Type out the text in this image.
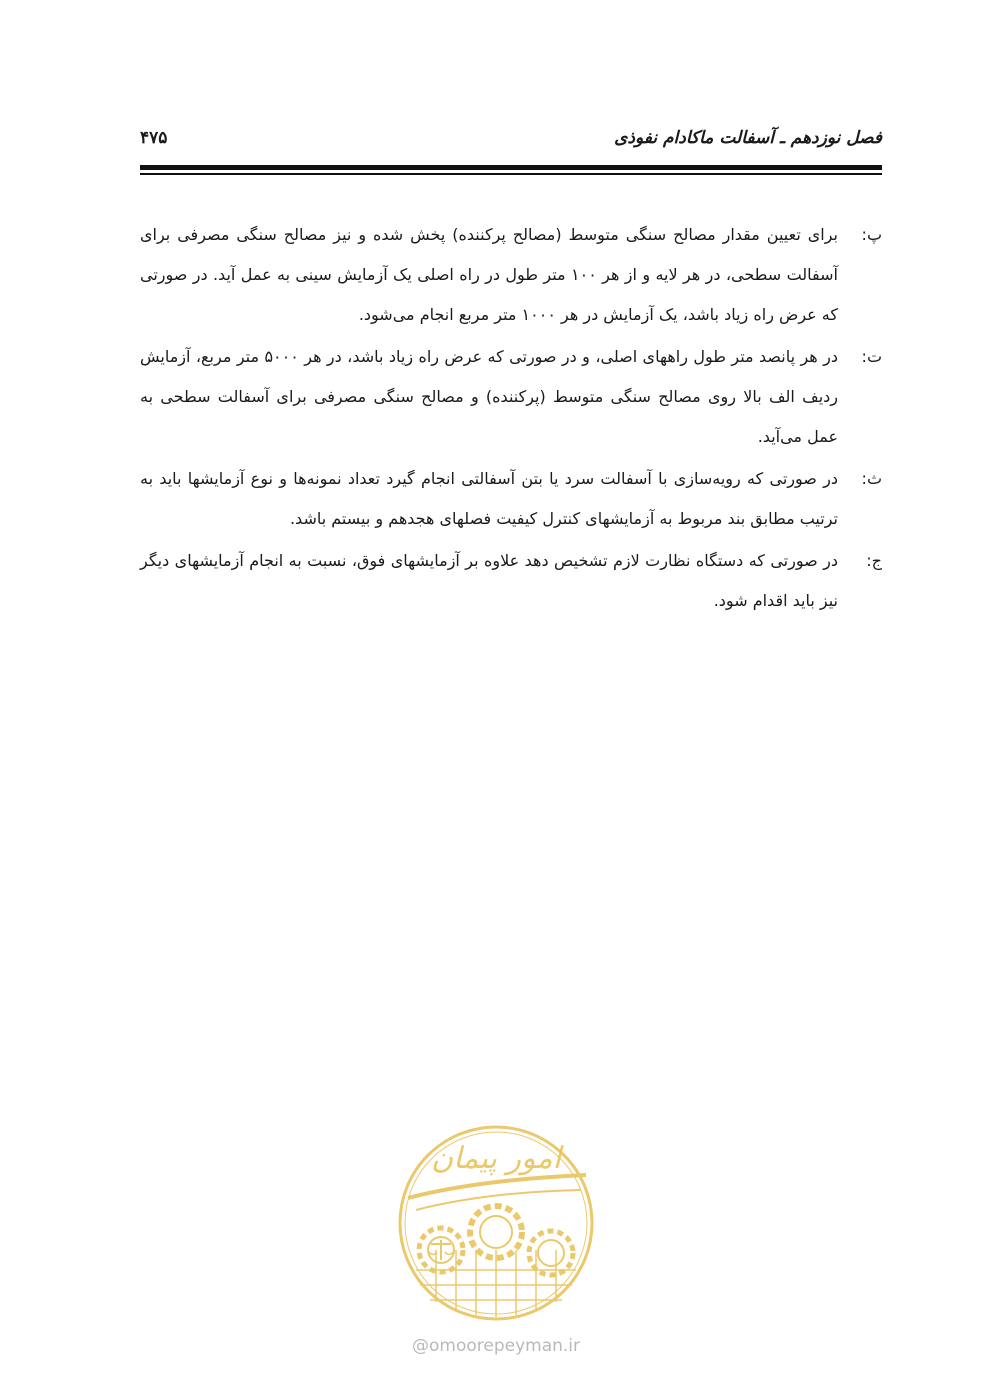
فصل نوزدهم ـ آسفالت ماکادام نفوذی
۴۷۵
پ:
برای تعیین مقدار مصالح سنگی متوسط (مصالح پرکننده) پخش شده و نیز مصالح سنگی مصرفی برای آسفالت سطحی، در هر لایه و از هر ۱۰۰ متر طول در راه اصلی یک آزمایش سینی به عمل آید. در صورتی که عرض راه زیاد باشد، یک آزمایش در هر ۱۰۰۰ متر مربع انجام می‌شود.
ت:
در هر پانصد متر طول راههای اصلی، و در صورتی که عرض راه زیاد باشد، در هر ۵۰۰۰ متر مربع، آزمایش ردیف الف بالا روی مصالح سنگی متوسط (پرکننده) و مصالح سنگی مصرفی برای آسفالت سطحی به عمل می‌آید.
ث:
در صورتی که رویه‌سازی با آسفالت سرد یا بتن آسفالتی انجام گیرد تعداد نمونه‌ها و نوع آزمایشها باید به ترتیب مطابق بند مربوط به آزمایشهای کنترل کیفیت فصلهای هجدهم و بیستم باشد.
ج:
در صورتی که دستگاه نظارت لازم تشخیص دهد علاوه بر آزمایشهای فوق، نسبت به انجام آزمایشهای دیگر نیز باید اقدام شود.
امور پیمان
@omoorepeyman.ir
